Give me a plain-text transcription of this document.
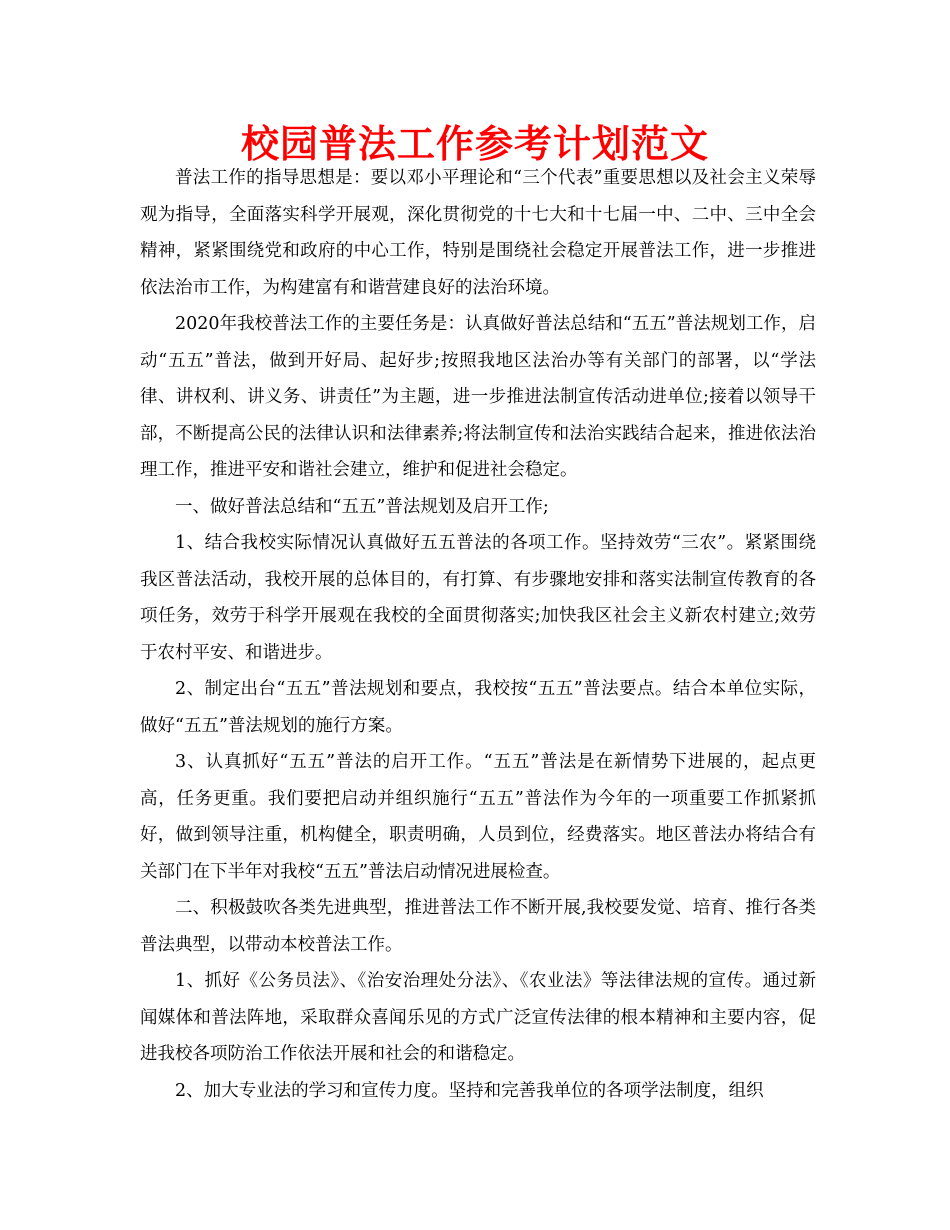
校园普法工作参考计划范文

普法工作的指导思想是：要以邓小平理论和“三个代表”重要思想以及社会主义荣辱观为指导，全面落实科学开展观，深化贯彻党的十七大和十七届一中、二中、三中全会精神，紧紧围绕党和政府的中心工作，特别是围绕社会稳定开展普法工作，进一步推进依法治市工作，为构建富有和谐营建良好的法治环境。

2020年我校普法工作的主要任务是：认真做好普法总结和“五五”普法规划工作，启动“五五”普法，做到开好局、起好步;按照我地区法治办等有关部门的部署，以“学法律、讲权利、讲义务、讲责任”为主题，进一步推进法制宣传活动进单位;接着以领导干部，不断提高公民的法律认识和法律素养;将法制宣传和法治实践结合起来，推进依法治理工作，推进平安和谐社会建立，维护和促进社会稳定。

一、做好普法总结和“五五”普法规划及启开工作;

1、结合我校实际情况认真做好五五普法的各项工作。坚持效劳“三农”。紧紧围绕我区普法活动，我校开展的总体目的，有打算、有步骤地安排和落实法制宣传教育的各项任务，效劳于科学开展观在我校的全面贯彻落实;加快我区社会主义新农村建立;效劳于农村平安、和谐进步。

2、制定出台“五五”普法规划和要点，我校按“五五”普法要点。结合本单位实际，做好“五五”普法规划的施行方案。

3、认真抓好“五五”普法的启开工作。“五五”普法是在新情势下进展的，起点更高，任务更重。我们要把启动并组织施行“五五”普法作为今年的一项重要工作抓紧抓好，做到领导注重，机构健全，职责明确，人员到位，经费落实。地区普法办将结合有关部门在下半年对我校“五五”普法启动情况进展检查。

二、积极鼓吹各类先进典型，推进普法工作不断开展,我校要发觉、培育、推行各类普法典型，以带动本校普法工作。

1、抓好《公务员法》、《治安治理处分法》、《农业法》等法律法规的宣传。通过新闻媒体和普法阵地，采取群众喜闻乐见的方式广泛宣传法律的根本精神和主要内容，促进我校各项防治工作依法开展和社会的和谐稳定。

2、加大专业法的学习和宣传力度。坚持和完善我单位的各项学法制度，组织
